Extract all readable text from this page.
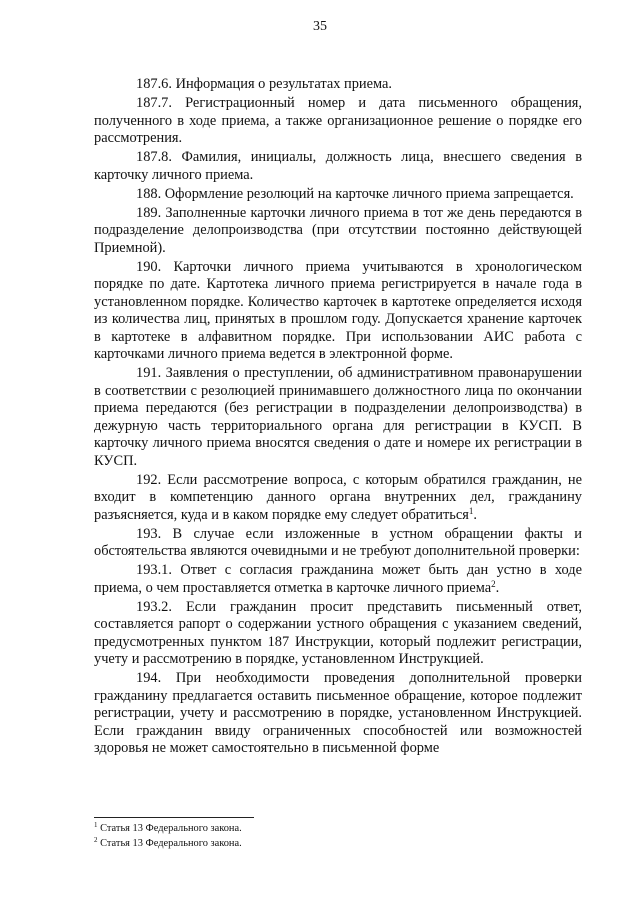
35

187.6. Информация о результатах приема.

187.7. Регистрационный номер и дата письменного обращения, полученного в ходе приема, а также организационное решение о порядке его рассмотрения.

187.8. Фамилия, инициалы, должность лица, внесшего сведения в карточку личного приема.

188. Оформление резолюций на карточке личного приема запрещается.

189. Заполненные карточки личного приема в тот же день передаются в подразделение делопроизводства (при отсутствии постоянно действующей Приемной).

190. Карточки личного приема учитываются в хронологическом порядке по дате. Картотека личного приема регистрируется в начале года в установленном порядке. Количество карточек в картотеке определяется исходя из количества лиц, принятых в прошлом году. Допускается хранение карточек в картотеке в алфавитном порядке. При использовании АИС работа с карточками личного приема ведется в электронной форме.

191. Заявления о преступлении, об административном правонарушении в соответствии с резолюцией принимавшего должностного лица по окончании приема передаются (без регистрации в подразделении делопроизводства) в дежурную часть территориального органа для регистрации в КУСП. В карточку личного приема вносятся сведения о дате и номере их регистрации в КУСП.

192. Если рассмотрение вопроса, с которым обратился гражданин, не входит в компетенцию данного органа внутренних дел, гражданину разъясняется, куда и в каком порядке ему следует обратиться$^1$.

193. В случае если изложенные в устном обращении факты и обстоятельства являются очевидными и не требуют дополнительной проверки:

193.1. Ответ с согласия гражданина может быть дан устно в ходе приема, о чем проставляется отметка в карточке личного приема$^2$.

193.2. Если гражданин просит представить письменный ответ, составляется рапорт о содержании устного обращения с указанием сведений, предусмотренных пунктом 187 Инструкции, который подлежит регистрации, учету и рассмотрению в порядке, установленном Инструкцией.

194. При необходимости проведения дополнительной проверки гражданину предлагается оставить письменное обращение, которое подлежит регистрации, учету и рассмотрению в порядке, установленном Инструкцией. Если гражданин ввиду ограниченных способностей или возможностей здоровья не может самостоятельно в письменной форме

$^1$ Статья 13 Федерального закона.
$^2$ Статья 13 Федерального закона.
